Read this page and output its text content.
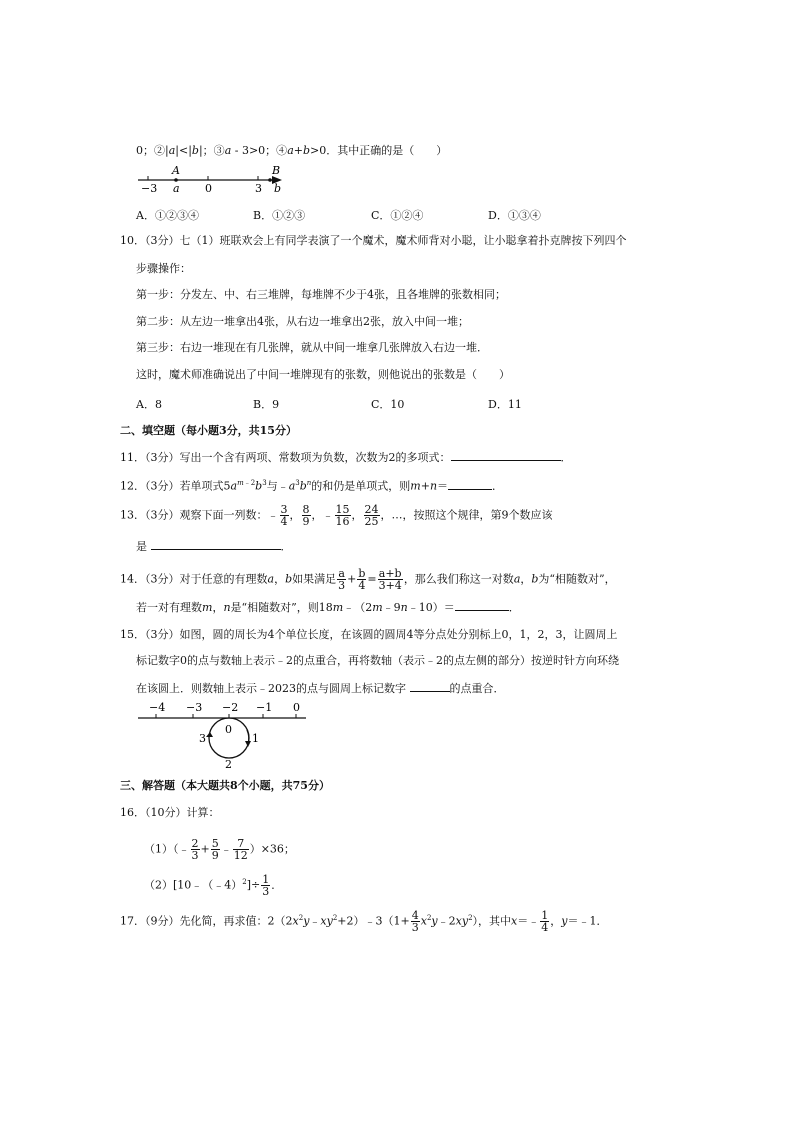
0；②|a|<|b|；③a - 3>0；④a+b>0．其中正确的是（　　）
A	B
−3 a 0	3 b
A．①②③④	B．①②③	C．①②④	D．①③④
10．（3分）七（1）班联欢会上有同学表演了一个魔术，魔术师背对小聪，让小聪拿着扑克牌按下列四个
步骤操作：
第一步：分发左、中、右三堆牌，每堆牌不少于4张，且各堆牌的张数相同；
第二步：从左边一堆拿出4张，从右边一堆拿出2张，放入中间一堆；
第三步：右边一堆现在有几张牌，就从中间一堆拿几张牌放入右边一堆．
这时，魔术师准确说出了中间一堆牌现有的张数，则他说出的张数是（　　）
A．8	B．9	C．10	D．11
二、填空题（每小题3分，共15分）
11．（3分）写出一个含有两项、常数项为负数，次数为2的多项式：	．
12．（3分）若单项式$5a^{m﹣2}b^3$与$﹣a^3b^n$的和仍是单项式，则m+n＝	．
13．（3分）观察下面一列数：﹣ $\frac{3}{4}$ ， $\frac{8}{9}$ ，﹣ $\frac{15}{16}$ ， $\frac{24}{25}$ ，…，按照这个规律，第9个数应该
是	．
14．（3分）对于任意的有理数a，b如果满足 $\frac{a}{3} + \frac{b}{4} = \frac{a+b}{3+4}$ ，那么我们称这一对数a，b为“相随数对”，
若一对有理数m，n是“相随数对”，则18m﹣（2m﹣9n﹣10）＝	．
15．（3分）如图，圆的周长为4个单位长度，在该圆的圆周4等分点处分别标上0，1，2，3，让圆周上
标记数字0的点与数轴上表示﹣2的点重合，再将数轴（表示﹣2的点左侧的部分）按逆时针方向环绕
在该圆上．则数轴上表示﹣2023的点与圆周上标记数字	的点重合．
−4 −3 −2 −1 0
0
1
2
3
三、解答题（本大题共8个小题，共75分）
16．（10分）计算：
（1）（﹣ $\frac{2}{3} + \frac{5}{9}$ ﹣ $\frac{7}{12} )\times 36$；
（2）[10﹣（﹣4）$^2$]÷ $\frac{1}{3}$ ．
17．（9分）先化简，再求值：$2(2x^2y﹣xy^2+2)﹣3(1+ \frac{4}{3}$ $x^2y﹣2xy^2$），其中x＝﹣ $\frac{1}{4}$ ，y＝﹣1．
